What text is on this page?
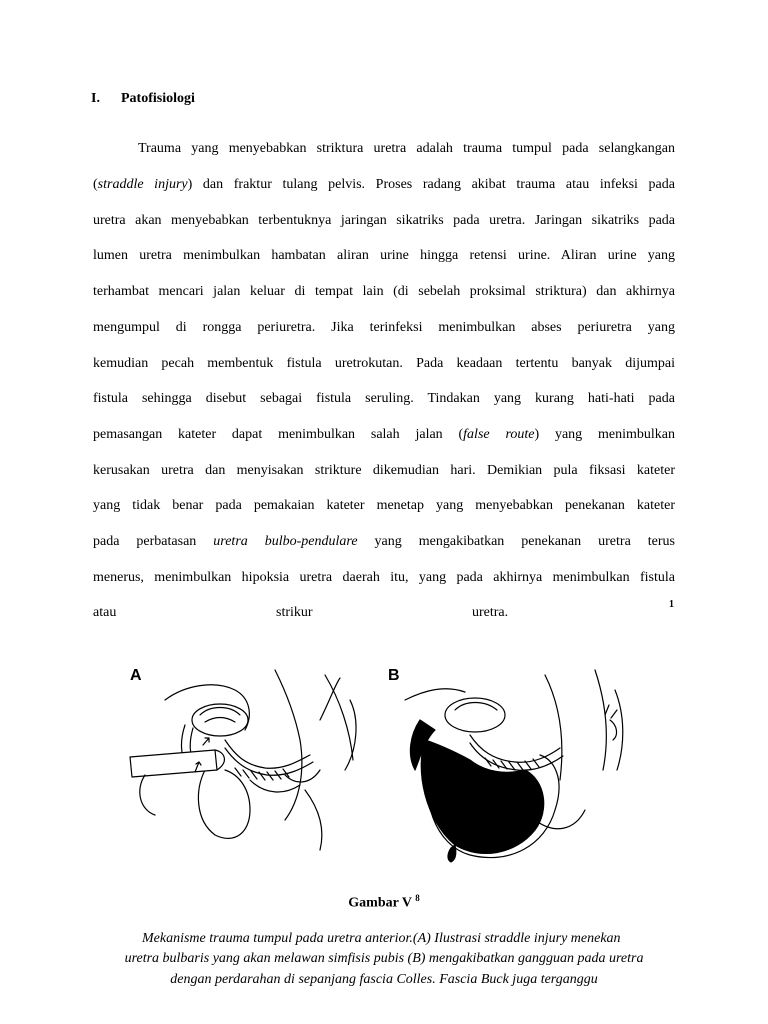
I. Patofisiologi
Trauma yang menyebabkan striktura uretra adalah trauma tumpul pada selangkangan
(straddle injury) dan fraktur tulang pelvis. Proses radang akibat trauma atau infeksi pada
uretra akan menyebabkan terbentuknya jaringan sikatriks pada uretra. Jaringan sikatriks pada
lumen uretra menimbulkan hambatan aliran urine hingga retensi urine. Aliran urine yang
terhambat mencari jalan keluar di tempat lain (di sebelah proksimal striktura) dan akhirnya
mengumpul di rongga periuretra. Jika terinfeksi menimbulkan abses periuretra yang
kemudian pecah membentuk fistula uretrokutan. Pada keadaan tertentu banyak dijumpai
fistula sehingga disebut sebagai fistula seruling. Tindakan yang kurang hati-hati pada
pemasangan kateter dapat menimbulkan salah jalan (false route) yang menimbulkan
kerusakan uretra dan menyisakan strikture dikemudian hari. Demikian pula fiksasi kateter
yang tidak benar pada pemakaian kateter menetap yang menyebabkan penekanan kateter
pada perbatasan uretra bulbo-pendulare yang mengakibatkan penekanan uretra terus
menerus, menimbulkan hipoksia uretra daerah itu, yang pada akhirnya menimbulkan fistula
atau	strikur	uretra.
1
A	B
Gambar V $^8$
Mekanisme trauma tumpul pada uretra anterior.(A) Ilustrasi straddle injury menekan
uretra bulbaris yang akan melawan simfisis pubis (B) mengakibatkan gangguan pada uretra
dengan perdarahan di sepanjang fascia Colles. Fascia Buck juga terganggu
